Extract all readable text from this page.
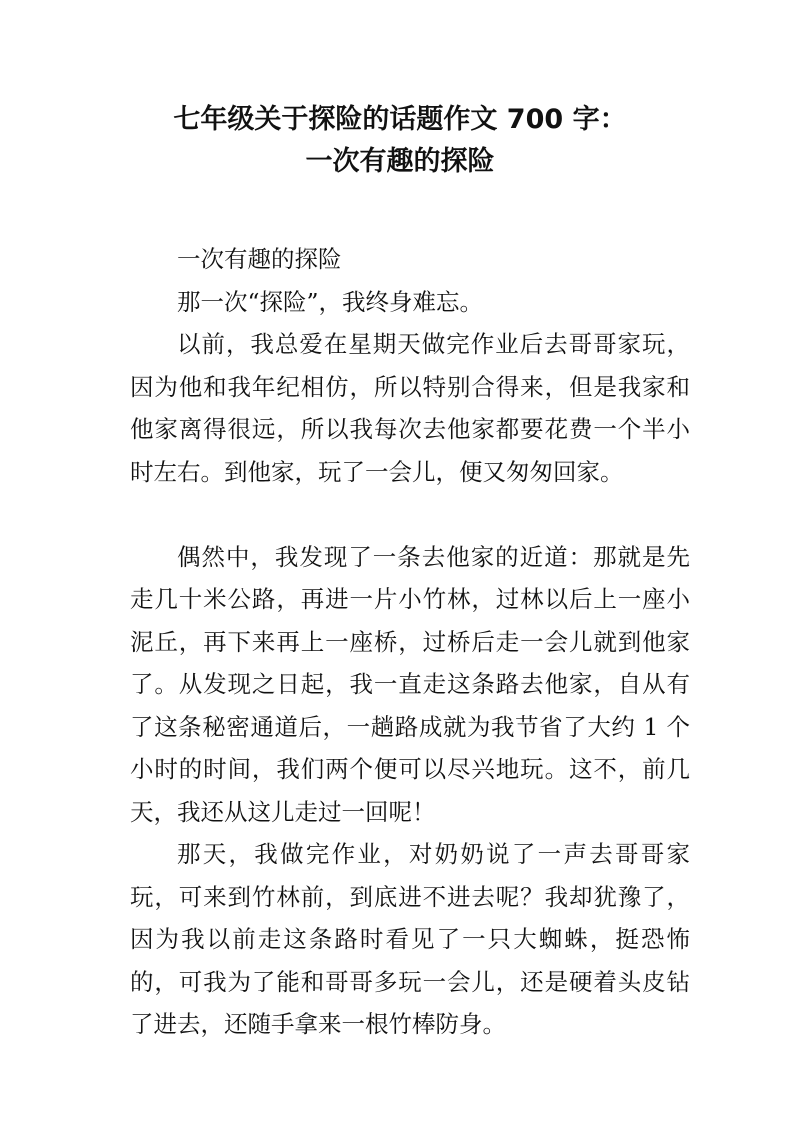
七年级关于探险的话题作文 700 字：
一次有趣的探险

一次有趣的探险

那一次“探险”，我终身难忘。

以前，我总爱在星期天做完作业后去哥哥家玩，因为他和我年纪相仿，所以特别合得来，但是我家和他家离得很远，所以我每次去他家都要花费一个半小时左右。到他家，玩了一会儿，便又匆匆回家。

偶然中，我发现了一条去他家的近道：那就是先走几十米公路，再进一片小竹林，过林以后上一座小泥丘，再下来再上一座桥，过桥后走一会儿就到他家了。从发现之日起，我一直走这条路去他家，自从有了这条秘密通道后，一趟路成就为我节省了大约 1 个小时的时间，我们两个便可以尽兴地玩。这不，前几天，我还从这儿走过一回呢！

那天，我做完作业，对奶奶说了一声去哥哥家玩，可来到竹林前，到底进不进去呢？我却犹豫了，因为我以前走这条路时看见了一只大蜘蛛，挺恐怖的，可我为了能和哥哥多玩一会儿，还是硬着头皮钻了进去，还随手拿来一根竹棒防身。
